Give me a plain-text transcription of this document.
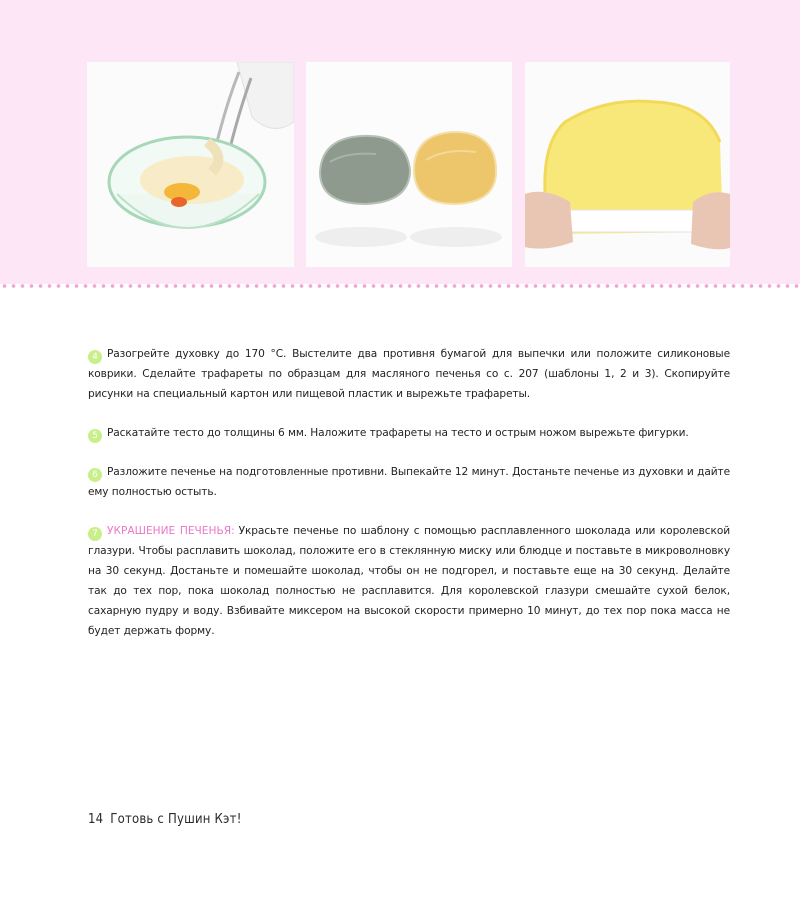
4 Разогрейте духовку до 170 °С. Выстелите два противня бумагой для выпечки или положите силиконовые коврики. Сделайте трафареты по образцам для масляного печенья со с. 207 (шаблоны 1, 2 и 3). Скопируйте рисунки на специальный картон или пищевой пластик и вырежьте трафареты.

5 Раскатайте тесто до толщины 6 мм. Наложите трафареты на тесто и острым ножом вырежьте фигурки.

6 Разложите печенье на подготовленные противни. Выпекайте 12 минут. Достаньте печенье из духовки и дайте ему полностью остыть.

7 УКРАШЕНИЕ ПЕЧЕНЬЯ: Украсьте печенье по шаблону с помощью расплавленного шоколада или королевской глазури. Чтобы расплавить шоколад, положите его в стеклянную миску или блюдце и поставьте в микроволновку на 30 секунд. Достаньте и помешайте шоколад, чтобы он не подгорел, и поставьте еще на 30 секунд. Делайте так до тех пор, пока шоколад полностью не расплавится. Для королевской глазури смешайте сухой белок, сахарную пудру и воду. Взбивайте миксером на высокой скорости примерно 10 минут, до тех пор пока масса не будет держать форму.

14 Готовь с Пушин Кэт!
